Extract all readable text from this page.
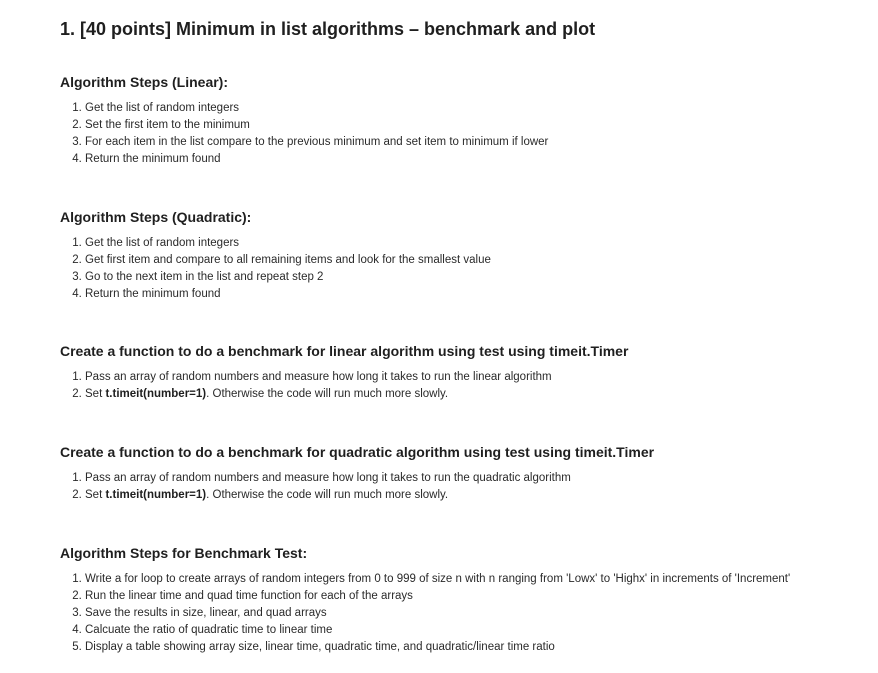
1. [40 points] Minimum in list algorithms – benchmark and plot
Algorithm Steps (Linear):
1. Get the list of random integers
2. Set the first item to the minimum
3. For each item in the list compare to the previous minimum and set item to minimum if lower
4. Return the minimum found
Algorithm Steps (Quadratic):
1. Get the list of random integers
2. Get first item and compare to all remaining items and look for the smallest value
3. Go to the next item in the list and repeat step 2
4. Return the minimum found
Create a function to do a benchmark for linear algorithm using test using timeit.Timer
1. Pass an array of random numbers and measure how long it takes to run the linear algorithm
2. Set t.timeit(number=1). Otherwise the code will run much more slowly.
Create a function to do a benchmark for quadratic algorithm using test using timeit.Timer
1. Pass an array of random numbers and measure how long it takes to run the quadratic algorithm
2. Set t.timeit(number=1). Otherwise the code will run much more slowly.
Algorithm Steps for Benchmark Test:
1. Write a for loop to create arrays of random integers from 0 to 999 of size n with n ranging from 'Lowx' to 'Highx' in increments of 'Increment'
2. Run the linear time and quad time function for each of the arrays
3. Save the results in size, linear, and quad arrays
4. Calcuate the ratio of quadratic time to linear time
5. Display a table showing array size, linear time, quadratic time, and quadratic/linear time ratio
